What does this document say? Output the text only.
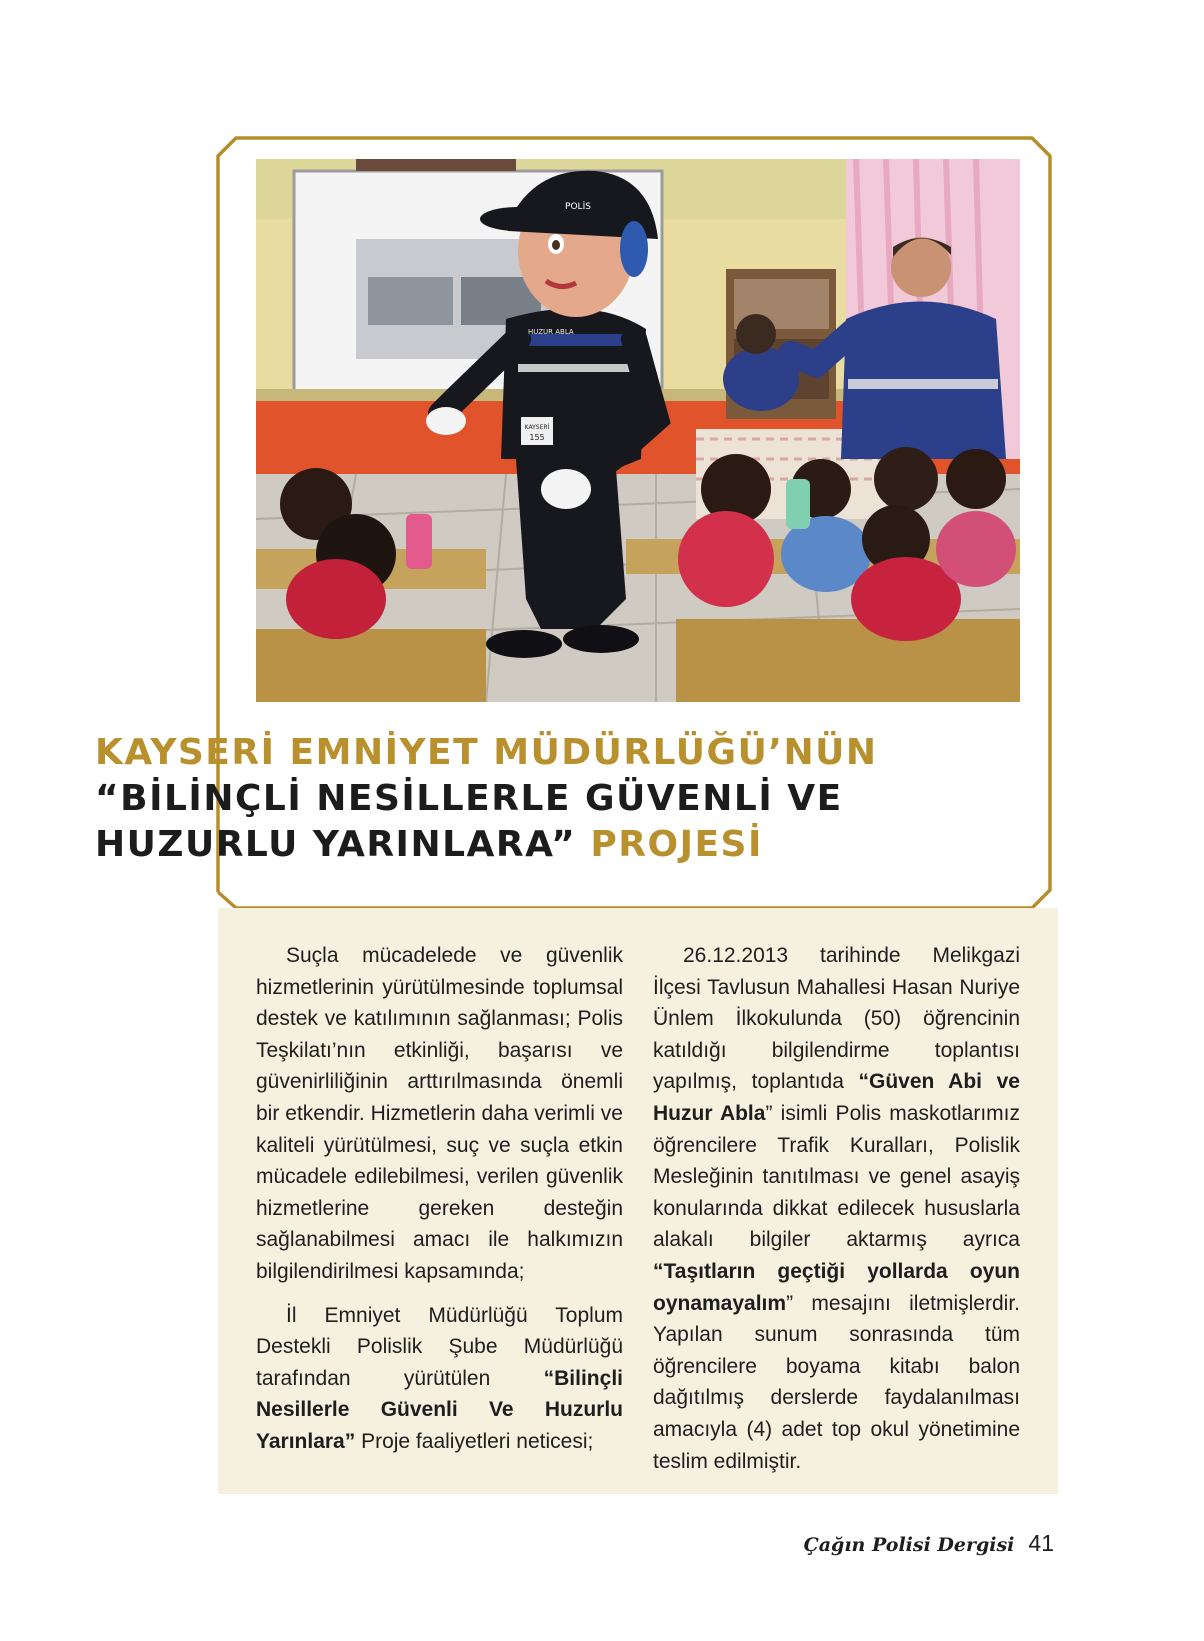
KAYSERİ
155
HUZUR ABLA
POLİS
KAYSERİ EMNİYET MÜDÜRLÜĞÜ’NÜN
“BİLİNÇLİ NESİLLERLE GÜVENLİ VE
HUZURLU YARINLARA” PROJESİ

Suçla mücadelede ve güvenlik hizmetlerinin yürütülmesinde toplumsal destek ve katılımının sağlanması; Polis Teşkilatı’nın etkinliği, başarısı ve güvenirliliğinin arttırılmasında önemli bir etkendir. Hizmetlerin daha verimli ve kaliteli yürütülmesi, suç ve suçla etkin mücadele edilebilmesi, verilen güvenlik hizmetlerine gereken desteğin sağlanabilmesi amacı ile halkımızın bilgilendirilmesi kapsamında;

İl Emniyet Müdürlüğü Toplum Destekli Polislik Şube Müdürlüğü tarafından yürütülen “Bilinçli Nesillerle Güvenli Ve Huzurlu Yarınlara” Proje faaliyetleri neticesi;

26.12.2013 tarihinde Melikgazi İlçesi Tavlusun Mahallesi Hasan Nuriye Ünlem İlkokulunda (50) öğrencinin katıldığı bilgilendirme toplantısı yapılmış, toplantıda “Güven Abi ve Huzur Abla” isimli Polis maskotlarımız öğrencilere Trafik Kuralları, Polislik Mesleğinin tanıtılması ve genel asayiş konularında dikkat edilecek hususlarla alakalı bilgiler aktarmış ayrıca “Taşıtların geçtiği yollarda oyun oynamayalım” mesajını iletmişlerdir. Yapılan sunum sonrasında tüm öğrencilere boyama kitabı balon dağıtılmış derslerde faydalanılması amacıyla (4) adet top okul yönetimine teslim edilmiştir.

Çağın Polisi Dergisi 41
